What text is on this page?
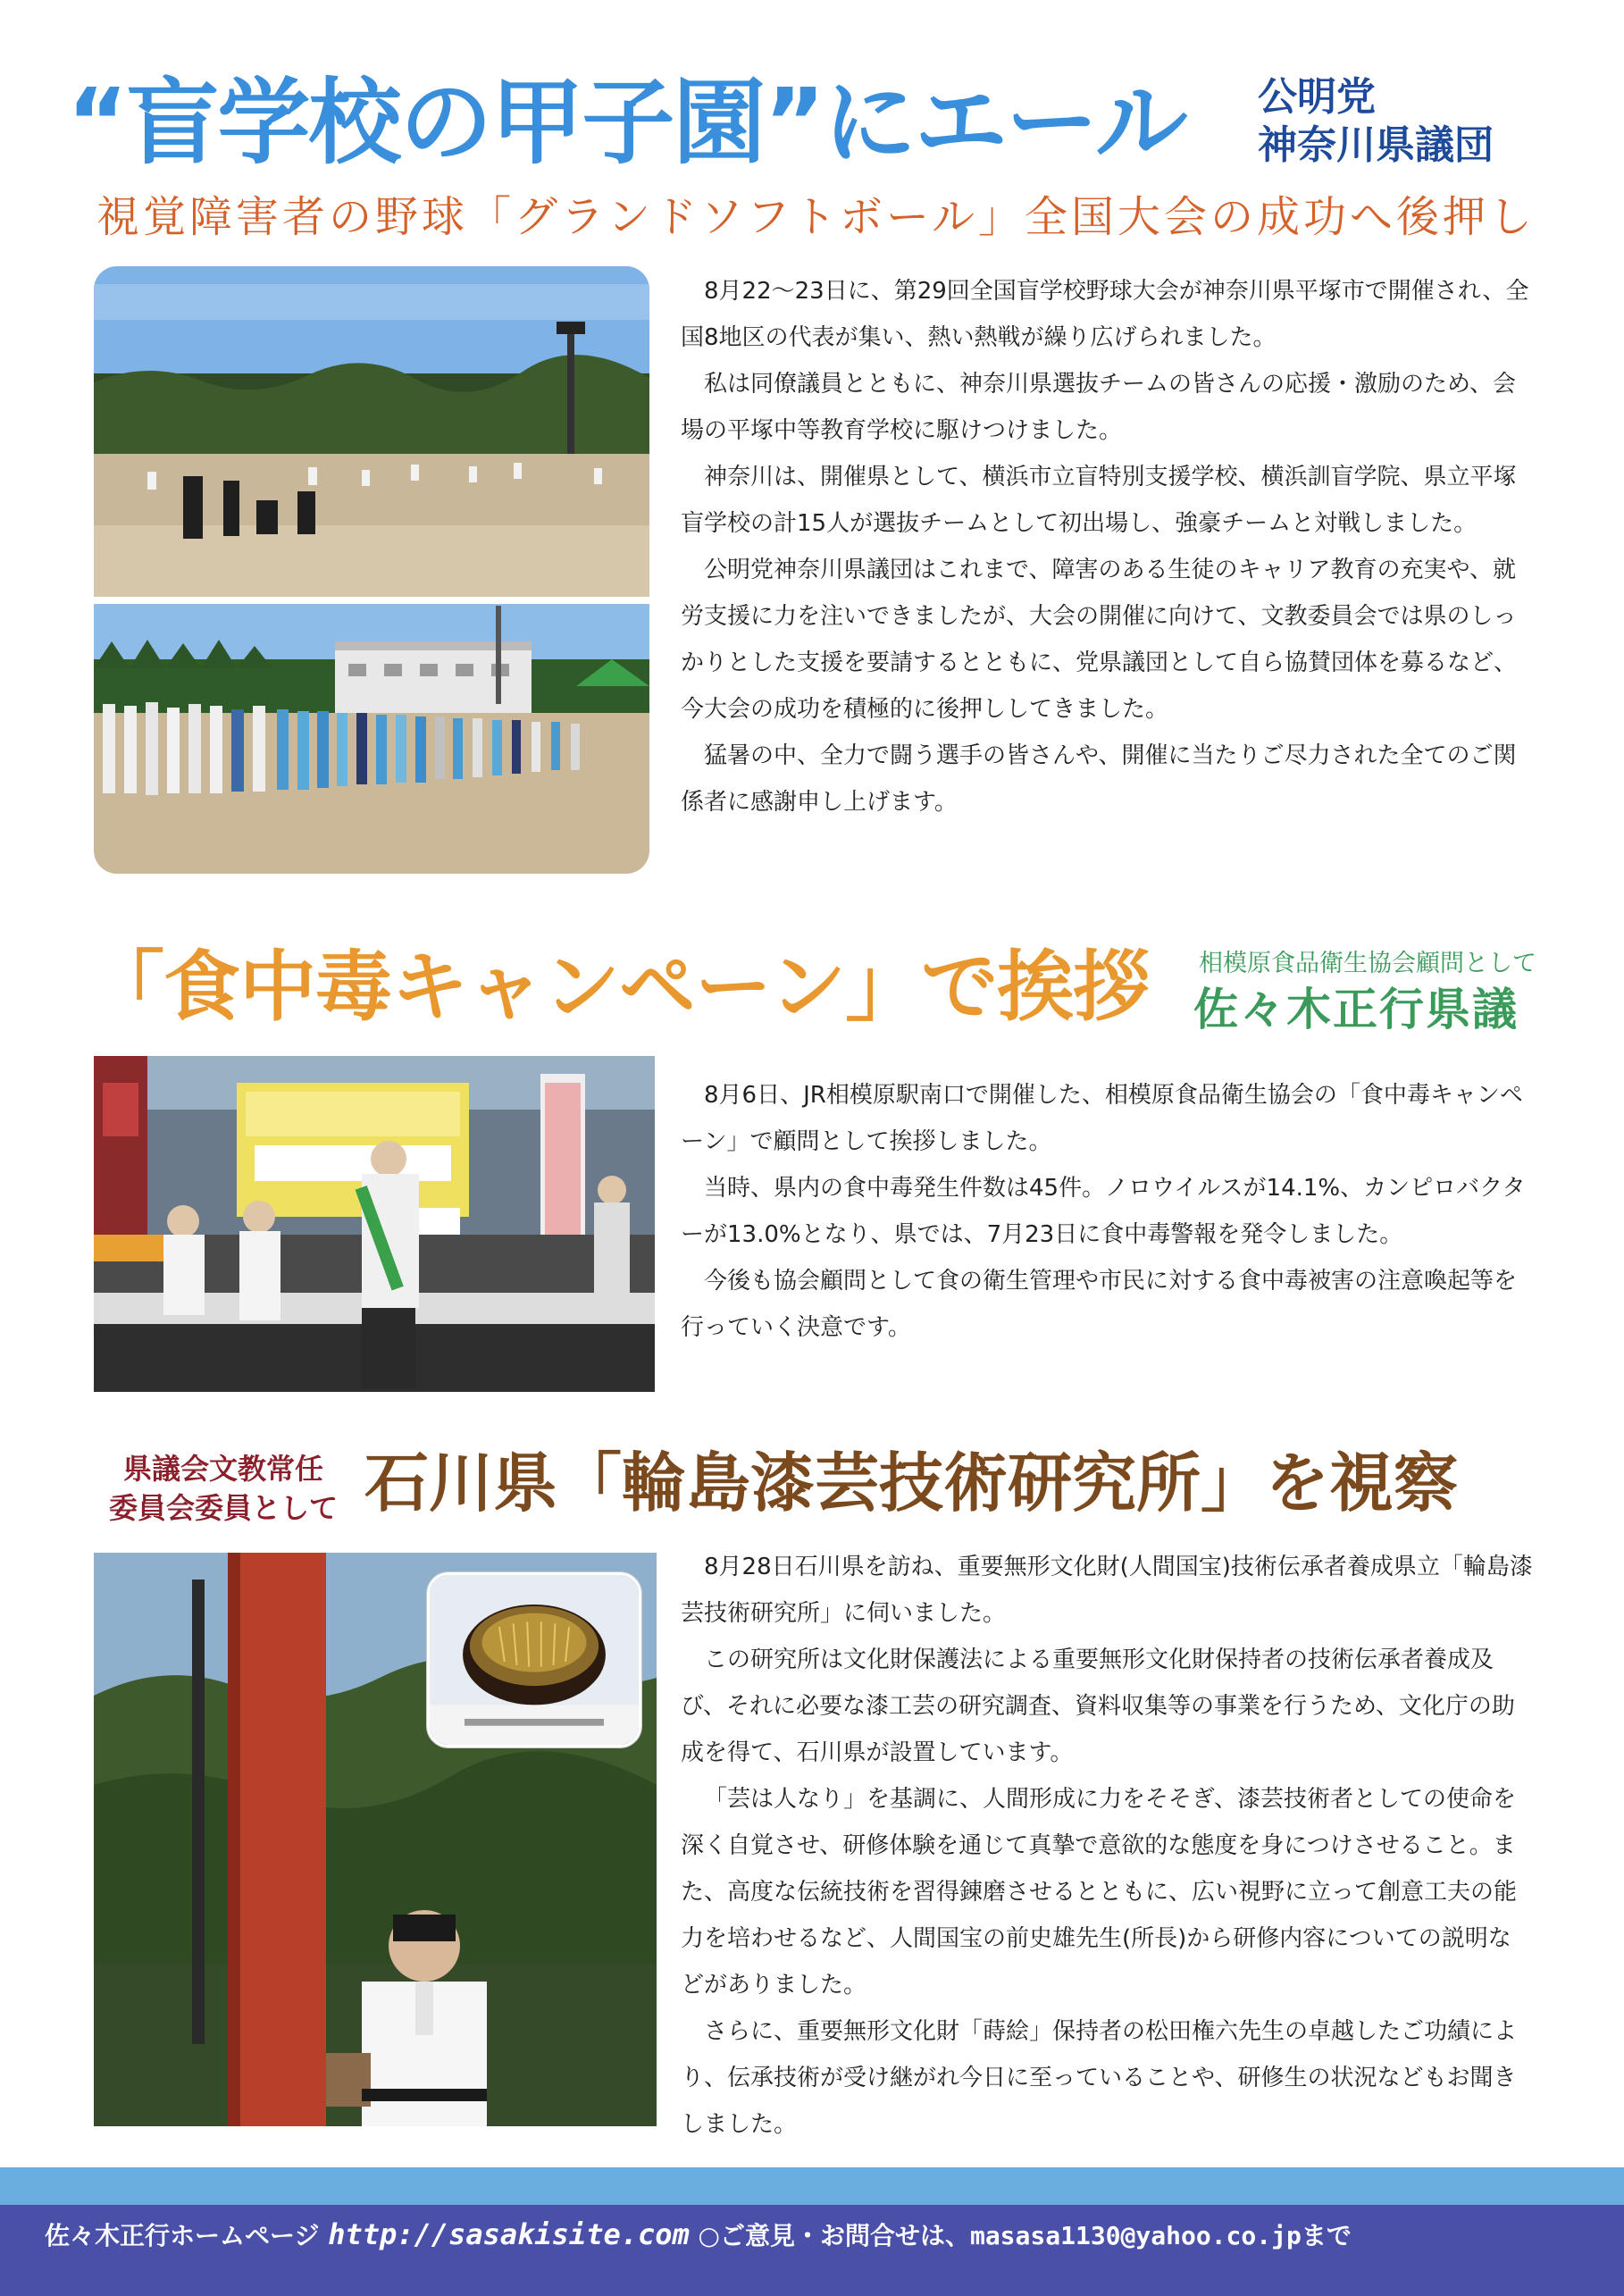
“盲学校の甲子園”にエール	公明党
神奈川県議団
視覚障害者の野球「グランドソフトボール」全国大会の成功へ後押し

8月22〜23日に、第29回全国盲学校野球大会が神奈川県平塚市で開催され、全国8地区の代表が集い、熱い熱戦が繰り広げられました。

私は同僚議員とともに、神奈川県選抜チームの皆さんの応援・激励のため、会場の平塚中等教育学校に駆けつけました。

神奈川は、開催県として、横浜市立盲特別支援学校、横浜訓盲学院、県立平塚盲学校の計15人が選抜チームとして初出場し、強豪チームと対戦しました。

公明党神奈川県議団はこれまで、障害のある生徒のキャリア教育の充実や、就労支援に力を注いできましたが、大会の開催に向けて、文教委員会では県のしっかりとした支援を要請するとともに、党県議団として自ら協賛団体を募るなど、今大会の成功を積極的に後押ししてきました。

猛暑の中、全力で闘う選手の皆さんや、開催に当たりご尽力された全てのご関係者に感謝申し上げます。

「食中毒キャンペーン」で挨拶	相模原食品衛生協会顧問として
佐々木正行県議

8月6日、JR相模原駅南口で開催した、相模原食品衛生協会の「食中毒キャンペーン」で顧問として挨拶しました。

当時、県内の食中毒発生件数は45件。ノロウイルスが14.1%、カンピロバクターが13.0%となり、県では、7月23日に食中毒警報を発令しました。

今後も協会顧問として食の衛生管理や市民に対する食中毒被害の注意喚起等を行っていく決意です。

県議会文教常任
委員会委員として 石川県「輪島漆芸技術研究所」を視察

8月28日石川県を訪ね、重要無形文化財(人間国宝)技術伝承者養成県立「輪島漆芸技術研究所」に伺いました。

この研究所は文化財保護法による重要無形文化財保持者の技術伝承者養成及び、それに必要な漆工芸の研究調査、資料収集等の事業を行うため、文化庁の助成を得て、石川県が設置しています。

「芸は人なり」を基調に、人間形成に力をそそぎ、漆芸技術者としての使命を深く自覚させ、研修体験を通じて真摯で意欲的な態度を身につけさせること。また、高度な伝統技術を習得錬磨させるとともに、広い視野に立って創意工夫の能力を培わせるなど、人間国宝の前史雄先生(所長)から研修内容についての説明などがありました。

さらに、重要無形文化財「蒔絵」保持者の松田権六先生の卓越したご功績により、伝承技術が受け継がれ今日に至っていることや、研修生の状況などもお聞きしました。

佐々木正行ホームページ http://sasakisite.com ○ご意見・お問合せは、masasa1130@yahoo.co.jpまで
